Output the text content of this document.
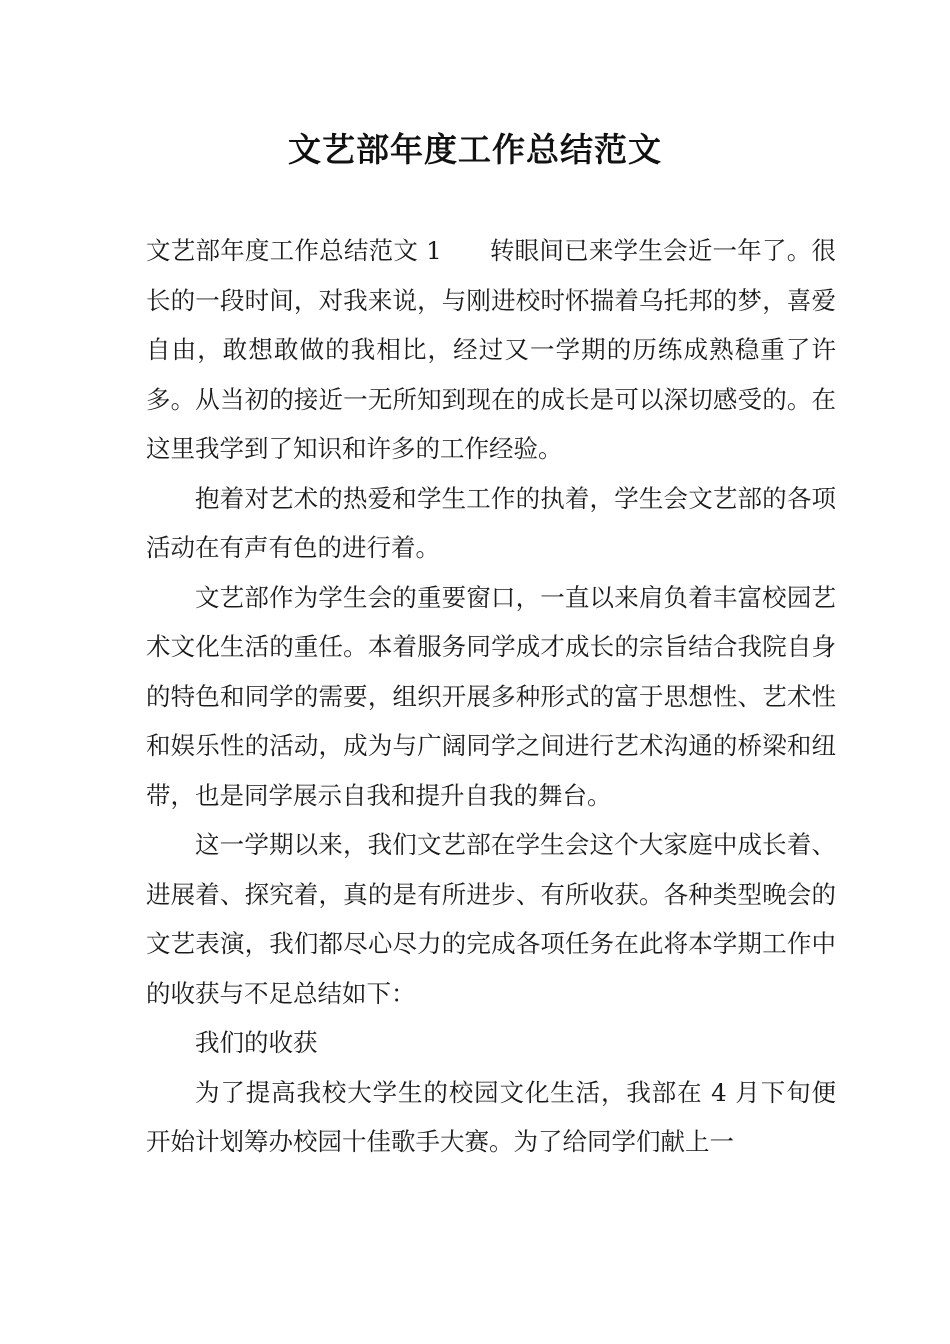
文艺部年度工作总结范文

文艺部年度工作总结范文 1 转眼间已来学生会近一年了。很长的一段时间，对我来说，与刚进校时怀揣着乌托邦的梦，喜爱自由，敢想敢做的我相比，经过又一学期的历练成熟稳重了许多。从当初的接近一无所知到现在的成长是可以深切感受的。在这里我学到了知识和许多的工作经验。

抱着对艺术的热爱和学生工作的执着，学生会文艺部的各项活动在有声有色的进行着。

文艺部作为学生会的重要窗口，一直以来肩负着丰富校园艺术文化生活的重任。本着服务同学成才成长的宗旨结合我院自身的特色和同学的需要，组织开展多种形式的富于思想性、艺术性和娱乐性的活动，成为与广阔同学之间进行艺术沟通的桥梁和纽带，也是同学展示自我和提升自我的舞台。

这一学期以来，我们文艺部在学生会这个大家庭中成长着、进展着、探究着，真的是有所进步、有所收获。各种类型晚会的文艺表演，我们都尽心尽力的完成各项任务在此将本学期工作中的收获与不足总结如下：

我们的收获

为了提高我校大学生的校园文化生活，我部在 4 月下旬便开始计划筹办校园十佳歌手大赛。为了给同学们献上一
